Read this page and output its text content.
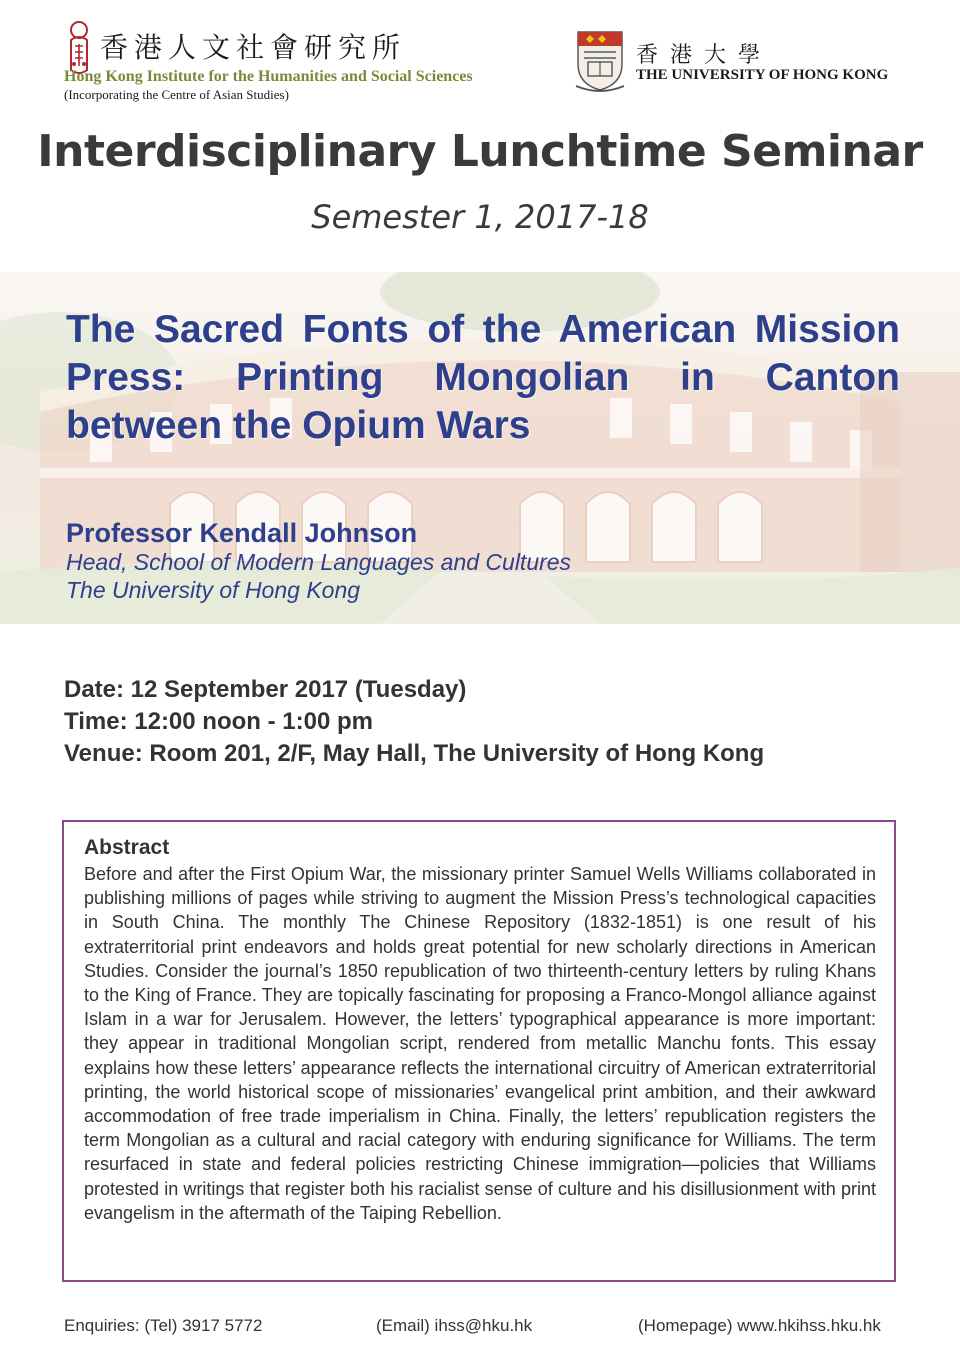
香港人文社會研究所
Hong Kong Institute for the Humanities and Social Sciences
(Incorporating the Centre of Asian Studies)
香港大學
THE UNIVERSITY OF HONG KONG
Interdisciplinary Lunchtime Seminar
Semester 1, 2017-18
The Sacred Fonts of the American Mission Press: Printing Mongolian in Canton between the Opium Wars
Professor Kendall Johnson
Head, School of Modern Languages and Cultures
The University of Hong Kong
Date: 12 September 2017 (Tuesday)
Time: 12:00 noon - 1:00 pm
Venue: Room 201, 2/F, May Hall, The University of Hong Kong
Abstract
Before and after the First Opium War, the missionary printer Samuel Wells Williams collaborated in publishing millions of pages while striving to augment the Mission Press’s technological capacities in South China. The monthly The Chinese Repository (1832-1851) is one result of his extraterritorial print endeavors and holds great potential for new scholarly directions in American Studies. Consider the journal’s 1850 republication of two thirteenth-century letters by ruling Khans to the King of France. They are topically fascinating for proposing a Franco-Mongol alliance against Islam in a war for Jerusalem. However, the letters’ typographical appearance is more important: they appear in traditional Mongolian script, rendered from metallic Manchu fonts. This essay explains how these letters’ appearance reflects the international circuitry of American extraterritorial printing, the world historical scope of missionaries’ evangelical print ambition, and their awkward accommodation of free trade imperialism in China. Finally, the letters’ republication registers the term Mongolian as a cultural and racial category with enduring significance for Williams. The term resurfaced in state and federal policies restricting Chinese immigration—policies that Williams protested in writings that register both his racialist sense of culture and his disillusionment with print evangelism in the aftermath of the Taiping Rebellion.
Enquiries: (Tel) 3917 5772	(Email) ihss@hku.hk	(Homepage) www.hkihss.hku.hk
